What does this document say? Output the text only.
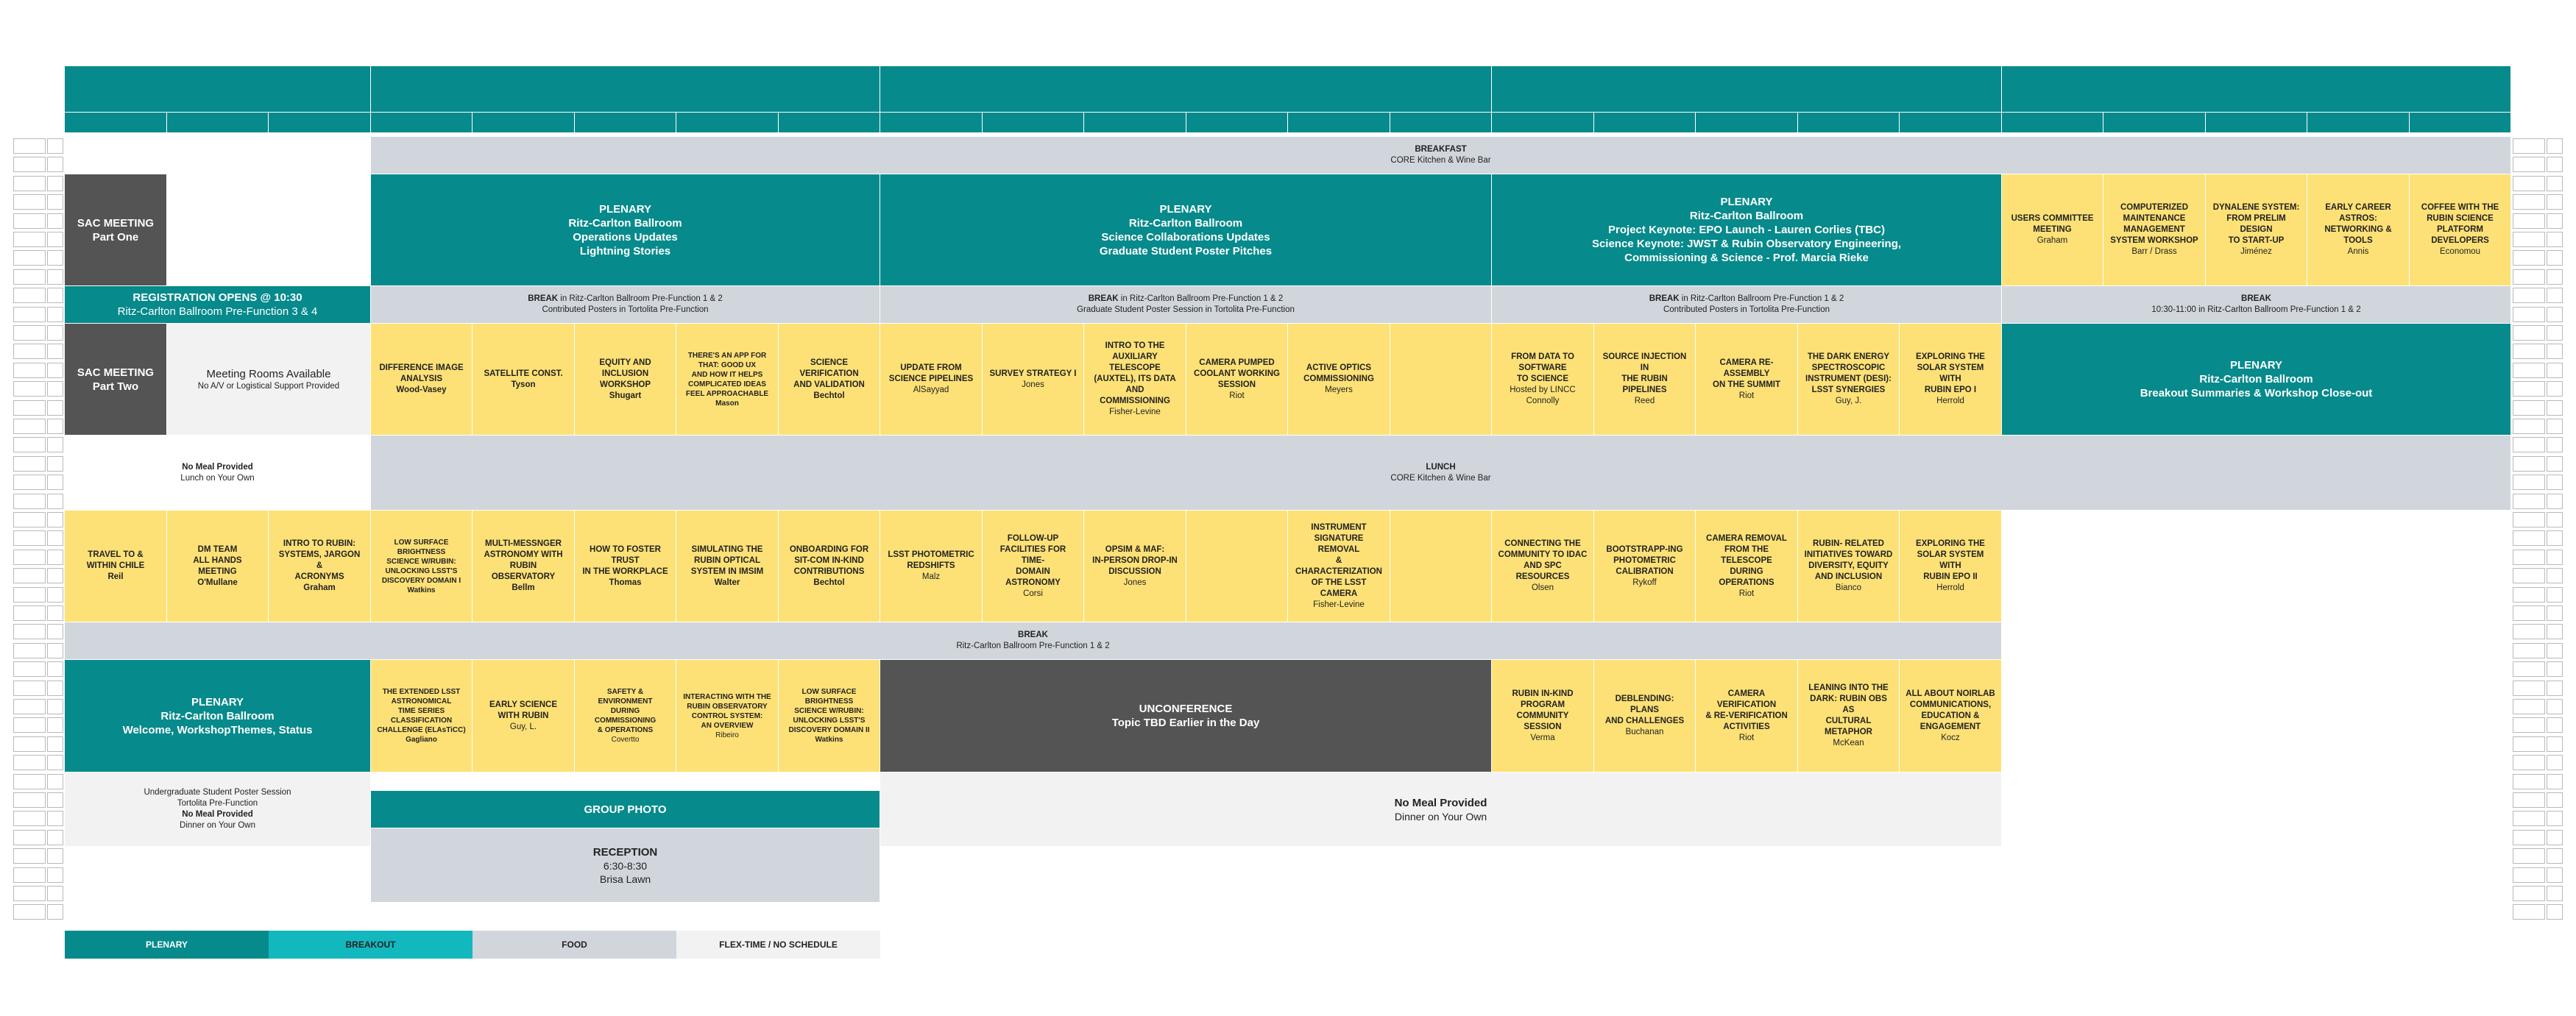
BREAKFAST
CORE Kitchen & Wine Bar
SAC MEETING
Part One
PLENARY
Ritz-Carlton Ballroom
Operations Updates
Lightning Stories
PLENARY
Ritz-Carlton Ballroom
Science Collaborations Updates
Graduate Student Poster Pitches
PLENARY
Ritz-Carlton Ballroom
Project Keynote: EPO Launch - Lauren Corlies (TBC)
Science Keynote: JWST & Rubin Observatory Engineering,
Commissioning & Science - Prof. Marcia Rieke
USERS COMMITTEE
MEETING
Graham
COMPUTERIZED
MAINTENANCE
MANAGEMENT
SYSTEM WORKSHOP
Barr / Drass
DYNALENE SYSTEM:
FROM PRELIM DESIGN
TO START-UP
Jiménez
EARLY CAREER
ASTROS:
NETWORKING &
TOOLS
Annis
COFFEE WITH THE
RUBIN SCIENCE
PLATFORM
DEVELOPERS
Economou
REGISTRATION OPENS @ 10:30
Ritz-Carlton Ballroom Pre-Function 3 & 4
BREAK in Ritz-Carlton Ballroom Pre-Function 1 & 2
Contributed Posters in Tortolita Pre-Function
BREAK in Ritz-Carlton Ballroom Pre-Function 1 & 2
Graduate Student Poster Session in Tortolita Pre-Function
BREAK in Ritz-Carlton Ballroom Pre-Function 1 & 2
Contributed Posters in Tortolita Pre-Function
BREAK
10:30-11:00 in Ritz-Carlton Ballroom Pre-Function 1 & 2
SAC MEETING
Part Two
Meeting Rooms Available
No A/V or Logistical Support Provided
DIFFERENCE IMAGE
ANALYSIS
Wood-Vasey
SATELLITE CONST.
Tyson
EQUITY AND
INCLUSION
WORKSHOP
Shugart
THERE'S AN APP FOR
THAT: GOOD UX
AND HOW IT HELPS
COMPLICATED IDEAS
FEEL APPROACHABLE
Mason
SCIENCE
VERIFICATION
AND VALIDATION
Bechtol
UPDATE FROM
SCIENCE PIPELINES
AlSayyad
SURVEY STRATEGY I
Jones
INTRO TO THE
AUXILIARY TELESCOPE
(AUXTEL), ITS DATA
AND COMMISSIONING
Fisher-Levine
CAMERA PUMPED
COOLANT WORKING
SESSION
Riot
ACTIVE OPTICS
COMMISSIONING
Meyers
FROM DATA TO
SOFTWARE
TO SCIENCE
Hosted by LINCC
Connolly
SOURCE INJECTION IN
THE RUBIN PIPELINES
Reed
CAMERA RE-ASSEMBLY
ON THE SUMMIT
Riot
THE DARK ENERGY
SPECTROSCOPIC
INSTRUMENT (DESI):
LSST SYNERGIES
Guy, J.
EXPLORING THE
SOLAR SYSTEM WITH
RUBIN EPO I
Herrold
PLENARY
Ritz-Carlton Ballroom
Breakout Summaries & Workshop Close-out
No Meal Provided
Lunch on Your Own
LUNCH
CORE Kitchen & Wine Bar
TRAVEL TO &
WITHIN CHILE
Reil
DM TEAM
ALL HANDS MEETING
O'Mullane
INTRO TO RUBIN:
SYSTEMS, JARGON &
ACRONYMS
Graham
LOW SURFACE
BRIGHTNESS
SCIENCE W/RUBIN:
UNLOCKING LSST'S
DISCOVERY DOMAIN I
Watkins
MULTI-MESSNGER
ASTRONOMY WITH
RUBIN OBSERVATORY
Bellm
HOW TO FOSTER
TRUST
IN THE WORKPLACE
Thomas
SIMULATING THE
RUBIN OPTICAL
SYSTEM IN IMSIM
Walter
ONBOARDING FOR
SIT-COM IN-KIND
CONTRIBUTIONS
Bechtol
LSST PHOTOMETRIC
REDSHIFTS
Malz
FOLLOW-UP
FACILITIES FOR TIME-
DOMAIN ASTRONOMY
Corsi
OPSIM & MAF:
IN-PERSON DROP-IN
DISCUSSION
Jones
INSTRUMENT
SIGNATURE REMOVAL
& CHARACTERIZATION
OF THE LSST CAMERA
Fisher-Levine
CONNECTING THE
COMMUNITY TO IDAC
AND SPC RESOURCES
Olsen
BOOTSTRAPP-ING
PHOTOMETRIC
CALIBRATION
Rykoff
CAMERA REMOVAL
FROM THE TELESCOPE
DURING OPERATIONS
Riot
RUBIN- RELATED
INITIATIVES TOWARD
DIVERSITY, EQUITY
AND INCLUSION
Bianco
EXPLORING THE
SOLAR SYSTEM WITH
RUBIN EPO II
Herrold
BREAK
Ritz-Carlton Ballroom Pre-Function 1 & 2
PLENARY
Ritz-Carlton Ballroom
Welcome, WorkshopThemes, Status
THE EXTENDED LSST
ASTRONOMICAL
TIME SERIES
CLASSIFICATION
CHALLENGE (ELAsTiCC)
Gagliano
EARLY SCIENCE
WITH RUBIN
Guy, L.
SAFETY & ENVIRONMENT
DURING COMMISSIONING
& OPERATIONS
Covertto
INTERACTING WITH THE
RUBIN OBSERVATORY
CONTROL SYSTEM:
AN OVERVIEW
Ribeiro
LOW SURFACE
BRIGHTNESS
SCIENCE W/RUBIN:
UNLOCKING LSST'S
DISCOVERY DOMAIN II
Watkins
UNCONFERENCE
Topic TBD Earlier in the Day
RUBIN IN-KIND
PROGRAM
COMMUNITY SESSION
Verma
DEBLENDING: PLANS
AND CHALLENGES
Buchanan
CAMERA VERIFICATION
& RE-VERIFICATION
ACTIVITIES
Riot
LEANING INTO THE
DARK: RUBIN OBS AS
CULTURAL METAPHOR
McKean
ALL ABOUT NOIRLAB
COMMUNICATIONS,
EDUCATION &
ENGAGEMENT
Kocz
Undergraduate Student Poster Session
Tortolita Pre-Function
No Meal Provided
Dinner on Your Own
GROUP PHOTO
RECEPTION
6:30-8:30
Brisa Lawn
No Meal Provided
Dinner on Your Own
PLENARY	BREAKOUT	FOOD	FLEX-TIME / NO SCHEDULE
